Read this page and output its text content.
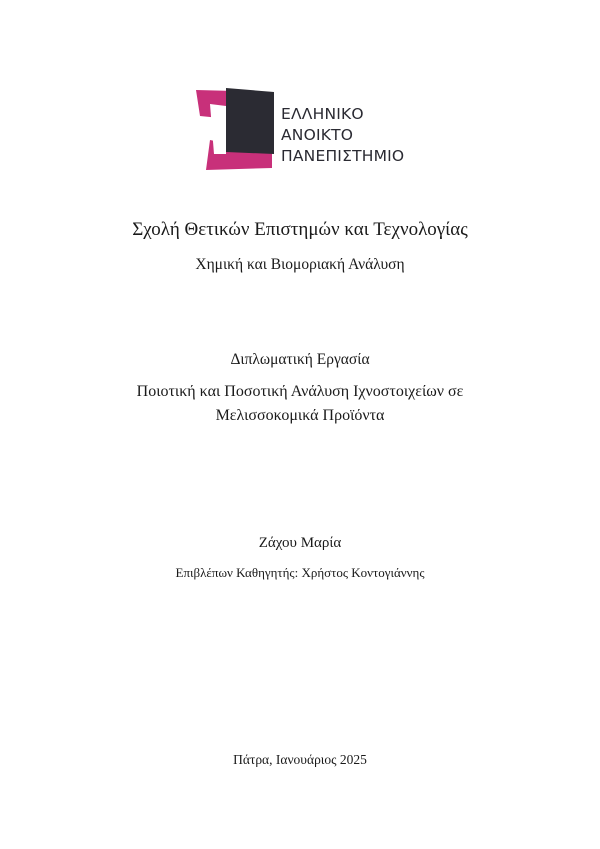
ΕΛΛΗΝΙΚΟ
ΑΝΟΙΚΤΟ
ΠΑΝΕΠΙΣΤΗΜΙΟ
Σχολή Θετικών Επιστημών και Τεχνολογίας
Χημική και Βιομοριακή Ανάλυση
Διπλωματική Εργασία
Ποιοτική και Ποσοτική Ανάλυση Ιχνοστοιχείων σε
Μελισσοκομικά Προϊόντα
Ζάχου Μαρία
Επιβλέπων Καθηγητής: Χρήστος Κοντογιάννης
Πάτρα, Ιανουάριος 2025
